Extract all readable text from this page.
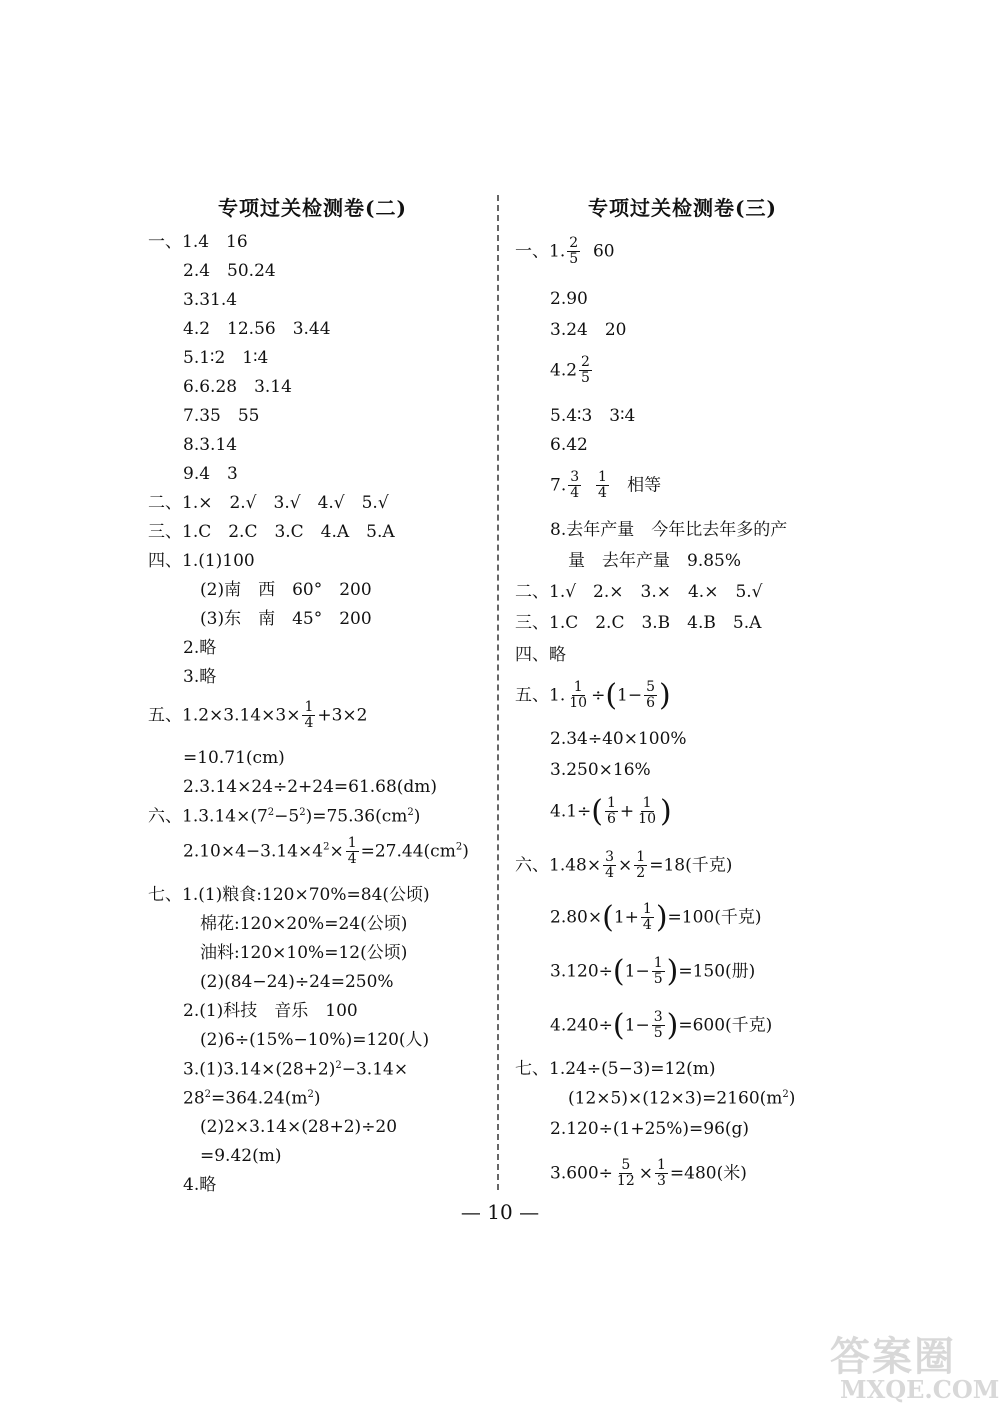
专项过关检测卷(二)
一、1.4　16
2.4　50.24
3.31.4
4.2　12.56　3.44
5.1∶2　1∶4
6.6.28　3.14
7.35　55
8.3.14
9.4　3
二、1.×　2.√　3.√　4.√　5.√
三、1.C　2.C　3.C　4.A　5.A
四、1.(1)100
(2)南　西　60°　200
(3)东　南　45°　200
2.略
3.略
五、$1.2\times 3.14\times 3\times \frac{1}{4} +3\times 2$
=10.71(cm)
2.3.14×24÷2+24=61.68(dm)
六、$1.3.14\times(7^2-5^2)=75.36(cm^2)$
$2.10\times 4-3.14\times 4^2\times \frac{1}{4} =27.44(cm^2)$
七、1.(1)粮食:120×70%=84(公顷)
棉花:120×20%=24(公顷)
油料:120×10%=12(公顷)
(2)(84−24)÷24=250%
2.(1)科技　音乐　100
(2)6÷(15%−10%)=120(人)
$3.(1)3.14\times(28+2)^2-3.14\times$
$28^2=364.24(m^2)$
(2)2×3.14×(28+2)÷20
=9.42(m)
4.略
专项过关检测卷(三)
一、1. $\frac{2}{5} 60$
2.90
3.24　20
$4.2 \frac{2}{5}$
5.4∶3　3∶4
6.42
7. $\frac{3}{4}$
$\frac{1}{4}$ 相等
8.去年产量　今年比去年多的产
量　去年产量　9.85%
二、1.√　2.×　3.×　4.×　5.√
三、1.C　2.C　3.B　4.B　5.A
四、略
五、1. $\frac{1}{10} \div(1- \frac{5}{6}$ )
2.34÷40×100%
3.250×16%
$4.1\div( \frac{1}{6} + \frac{1}{10}$ )
六、$1.48\times \frac{3}{4} \times \frac{1}{2} =18$(千克)
$2.80\times(1+ \frac{1}{4} )=100$(千克)
$3.120\div(1- \frac{1}{5} )=150$(册)
$4.240\div(1- \frac{3}{5} )=600$(千克)
七、1.24÷(5−3)=12(m)
$(12\times 5)\times(12\times 3)=2160(m^2)$
2.120÷(1+25%)=96(g)
$3.600\div \frac{5}{12} \times \frac{1}{3} =480$(米)
— 10 —
答案圈
MXQE.COM
